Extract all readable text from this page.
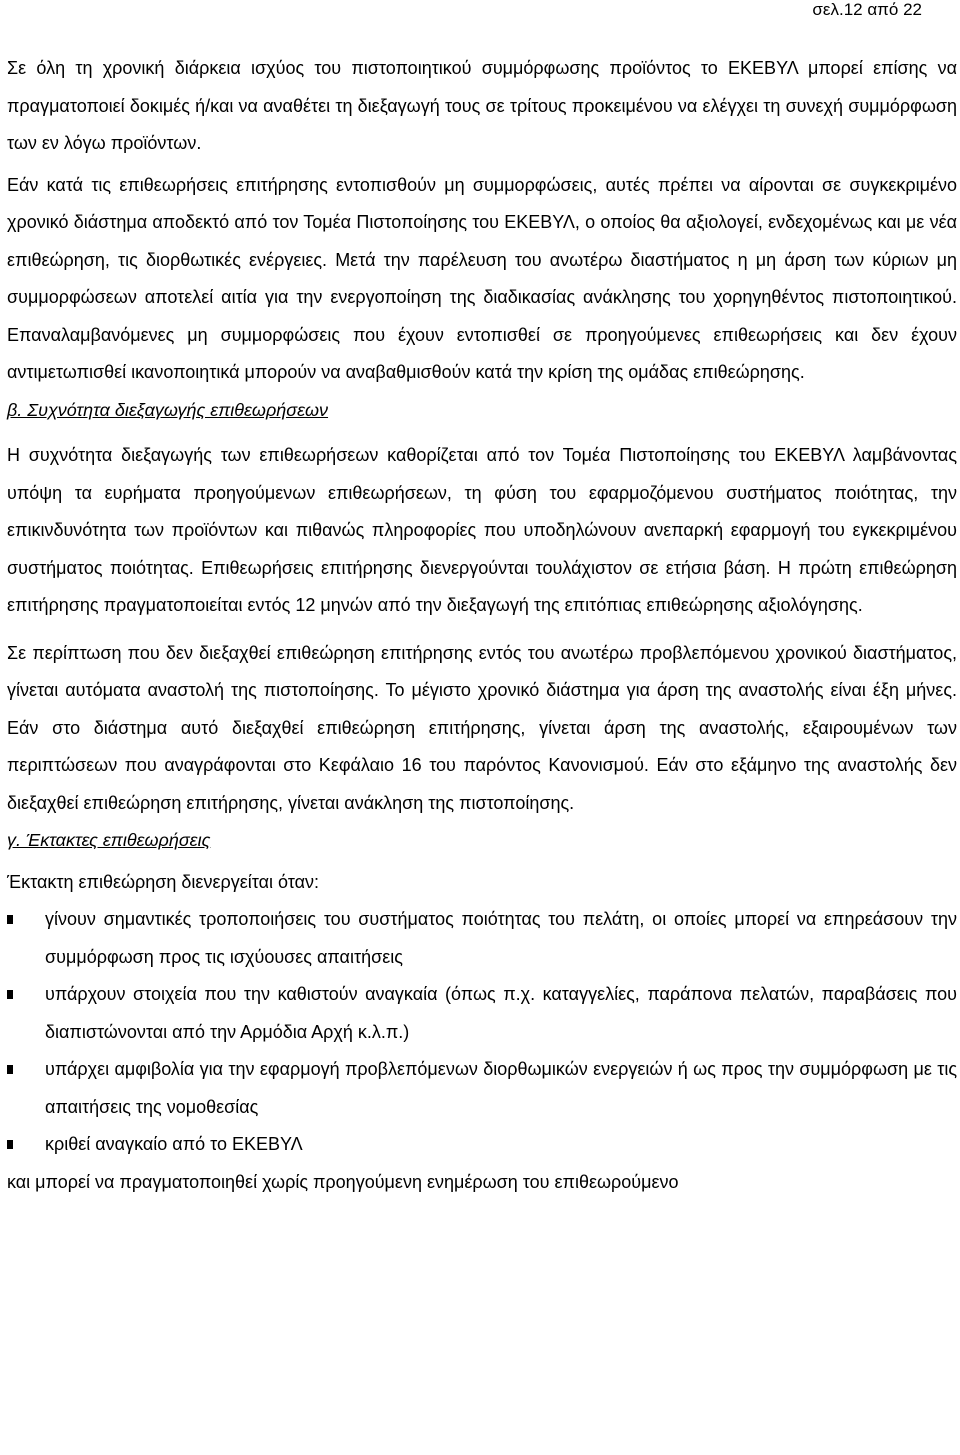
σελ.12 από 22

Σε όλη τη χρονική διάρκεια ισχύος του πιστοποιητικού συμμόρφωσης προϊόντος το ΕΚΕΒΥΛ μπορεί επίσης να πραγματοποιεί δοκιμές ή/και να αναθέτει τη διεξαγωγή τους σε τρίτους προκειμένου να ελέγχει τη συνεχή συμμόρφωση των εν λόγω προϊόντων.

Εάν κατά τις επιθεωρήσεις επιτήρησης εντοπισθούν μη συμμορφώσεις, αυτές πρέπει να αίρονται σε συγκεκριμένο χρονικό διάστημα αποδεκτό από τον Τομέα Πιστοποίησης του ΕΚΕΒΥΛ, ο οποίος θα αξιολογεί, ενδεχομένως και με νέα επιθεώρηση, τις διορθωτικές ενέργειες. Μετά την παρέλευση του ανωτέρω διαστήματος η μη άρση των κύριων μη συμμορφώσεων αποτελεί αιτία για την ενεργοποίηση της διαδικασίας ανάκλησης του χορηγηθέντος πιστοποιητικού. Επαναλαμβανόμενες μη συμμορφώσεις που έχουν εντοπισθεί σε προηγούμενες επιθεωρήσεις και δεν έχουν αντιμετωπισθεί ικανοποιητικά μπορούν να αναβαθμισθούν κατά την κρίση της ομάδας επιθεώρησης.

β. Συχνότητα διεξαγωγής επιθεωρήσεων

Η συχνότητα διεξαγωγής των επιθεωρήσεων καθορίζεται από τον Τομέα Πιστοποίησης του ΕΚΕΒΥΛ λαμβάνοντας υπόψη τα ευρήματα προηγούμενων επιθεωρήσεων, τη φύση του εφαρμοζόμενου συστήματος ποιότητας, την επικινδυνότητα των προϊόντων και πιθανώς πληροφορίες που υποδηλώνουν ανεπαρκή εφαρμογή του εγκεκριμένου συστήματος ποιότητας. Επιθεωρήσεις επιτήρησης διενεργούνται τουλάχιστον σε ετήσια βάση. Η πρώτη επιθεώρηση επιτήρησης πραγματοποιείται εντός 12 μηνών από την διεξαγωγή της επιτόπιας επιθεώρησης αξιολόγησης.

Σε περίπτωση που δεν διεξαχθεί επιθεώρηση επιτήρησης εντός του ανωτέρω προβλεπόμενου χρονικού διαστήματος, γίνεται αυτόματα αναστολή της πιστοποίησης. Το μέγιστο χρονικό διάστημα για άρση της αναστολής είναι έξη μήνες. Εάν στο διάστημα αυτό διεξαχθεί επιθεώρηση επιτήρησης, γίνεται άρση της αναστολής, εξαιρουμένων των περιπτώσεων που αναγράφονται στο Κεφάλαιο 16 του παρόντος Κανονισμού. Εάν στο εξάμηνο της αναστολής δεν διεξαχθεί επιθεώρηση επιτήρησης, γίνεται ανάκληση της πιστοποίησης.

γ. Έκτακτες επιθεωρήσεις

Έκτακτη επιθεώρηση διενεργείται όταν:

γίνουν σημαντικές τροποποιήσεις του συστήματος ποιότητας του πελάτη, οι οποίες μπορεί να επηρεάσουν την συμμόρφωση προς τις ισχύουσες απαιτήσεις
υπάρχουν στοιχεία που την καθιστούν αναγκαία (όπως π.χ. καταγγελίες, παράπονα πελατών, παραβάσεις που διαπιστώνονται από την Αρμόδια Αρχή κ.λ.π.)
υπάρχει αμφιβολία για την εφαρμογή προβλεπόμενων διορθωμικών ενεργειών ή ως προς την συμμόρφωση με τις απαιτήσεις της νομοθεσίας
κριθεί αναγκαίο από το ΕΚΕΒΥΛ

και μπορεί να πραγματοποιηθεί χωρίς προηγούμενη ενημέρωση του επιθεωρούμενο
